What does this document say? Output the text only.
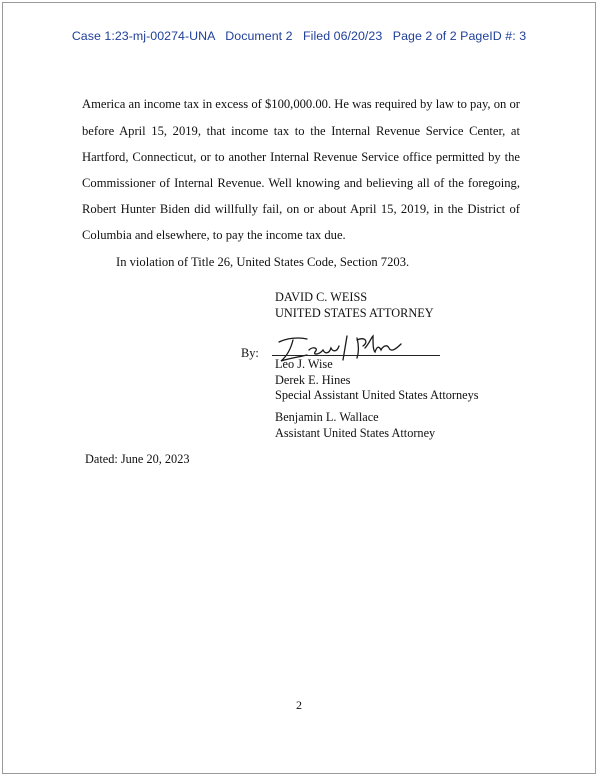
Case 1:23-mj-00274-UNA   Document 2   Filed 06/20/23   Page 2 of 2 PageID #: 3
America an income tax in excess of $100,000.00. He was required by law to pay, on or
before April 15, 2019, that income tax to the Internal Revenue Service Center, at
Hartford, Connecticut, or to another Internal Revenue Service office permitted by the
Commissioner of Internal Revenue. Well knowing and believing all of the foregoing,
Robert Hunter Biden did willfully fail, on or about April 15, 2019, in the District of
Columbia and elsewhere, to pay the income tax due.
In violation of Title 26, United States Code, Section 7203.
DAVID C. WEISS
UNITED STATES ATTORNEY
By:
Leo J. Wise
Derek E. Hines
Special Assistant United States Attorneys
Benjamin L. Wallace
Assistant United States Attorney
Dated: June 20, 2023
2
